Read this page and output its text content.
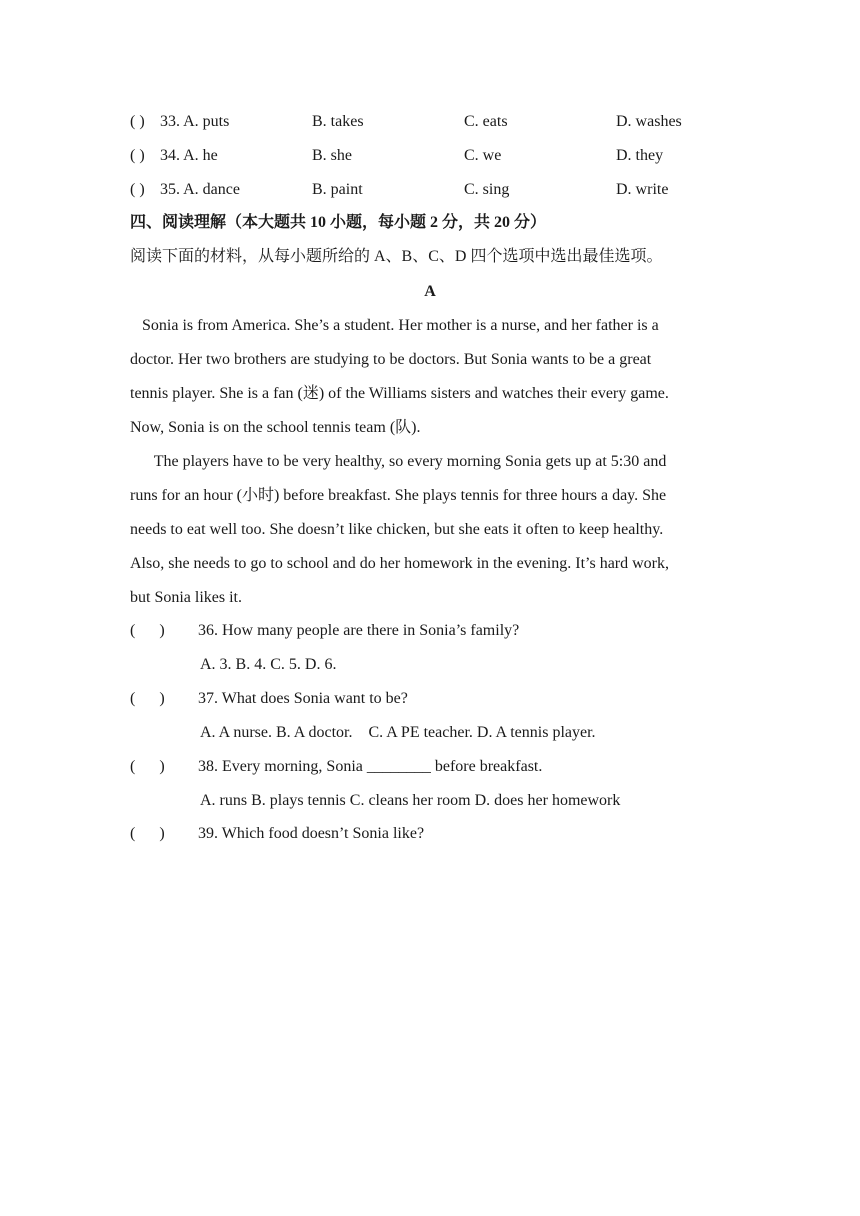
( ) 33. A. puts	B. takes	C. eats	D. washes
( ) 34. A. he	B. she	C. we	D. they
( ) 35. A. dance	B. paint	C. sing	D. write
四、阅读理解（本大题共 10 小题，每小题 2 分，共 20 分）
阅读下面的材料，从每小题所给的 A、B、C、D 四个选项中选出最佳选项。
A
Sonia is from America. She’s a student. Her mother is a nurse, and her father is a
doctor. Her two brothers are studying to be doctors. But Sonia wants to be a great
tennis player. She is a fan (迷) of the Williams sisters and watches their every game.
Now, Sonia is on the school tennis team (队).
The players have to be very healthy, so every morning Sonia gets up at 5:30 and
runs for an hour (小时) before breakfast. She plays tennis for three hours a day. She
needs to eat well too. She doesn’t like chicken, but she eats it often to keep healthy.
Also, she needs to go to school and do her homework in the evening. It’s hard work,
but Sonia likes it.
(      ) 36. How many people are there in Sonia’s family?
A. 3. B. 4. C. 5. D. 6.
(      ) 37. What does Sonia want to be?
A. A nurse. B. A doctor.    C. A PE teacher. D. A tennis player.
(      ) 38. Every morning, Sonia ________ before breakfast.
A. runs B. plays tennis C. cleans her room D. does her homework
(      ) 39. Which food doesn’t Sonia like?
